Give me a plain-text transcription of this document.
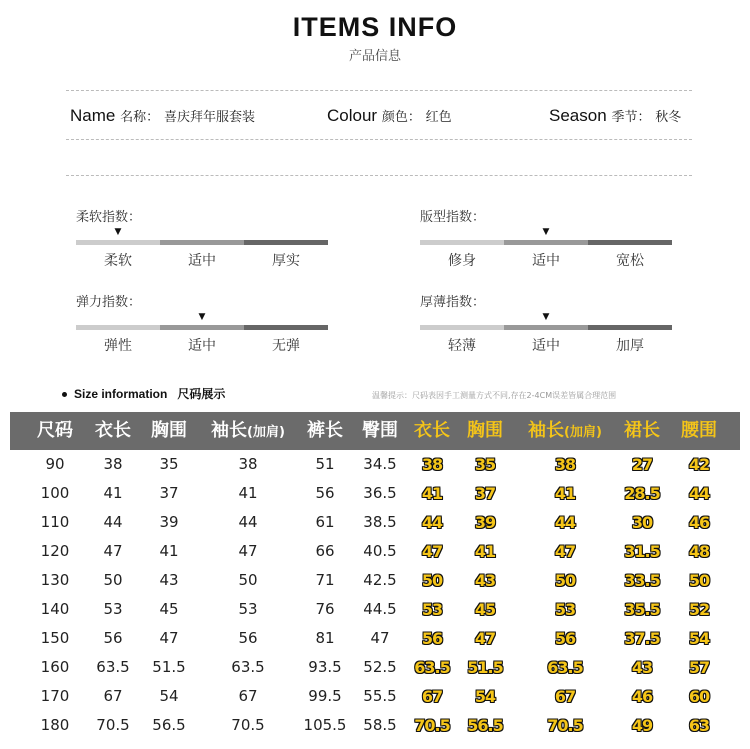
ITEMS INFO
产品信息
Name 名称： 喜庆拜年服套装	Colour 颜色： 红色	Season 季节： 秋冬
柔软指数：
柔软	适中	厚实
▼
版型指数：
修身	适中	宽松
▼
弹力指数：
弹性	适中	无弹
▼
厚薄指数：
轻薄	适中	加厚
▼
Size information 尺码展示	温馨提示：尺码表因手工测量方式不同,存在2-4CM误差皆属合理范围
尺码 衣长 胸围 袖长(加肩) 裤长 臀围 衣长 胸围 袖长(加肩) 裙长 腰围
90	38 35	38	51 34.5 38 35	38	27 42
100 41 37	41	56 36.5 41 37	41	28.5 44
110 44 39	44	61 38.5 44 39	44	30 46
120 47 41	47	66 40.5 47 41	47	31.5 48
130 50 43	50	71 42.5 50 43	50	33.5 50
140 53 45	53	76 44.5 53 45	53	35.5 52
150 56 47	56	81 47 56 47	56	37.5 54
160 63.5 51.5	63.5	93.5 52.5 63.5 51.5	63.5	43 57
170 67 54	67	99.5 55.5 67 54	67	46 60
180 70.5 56.5	70.5	105.5 58.5 70.5 56.5	70.5	49 63
